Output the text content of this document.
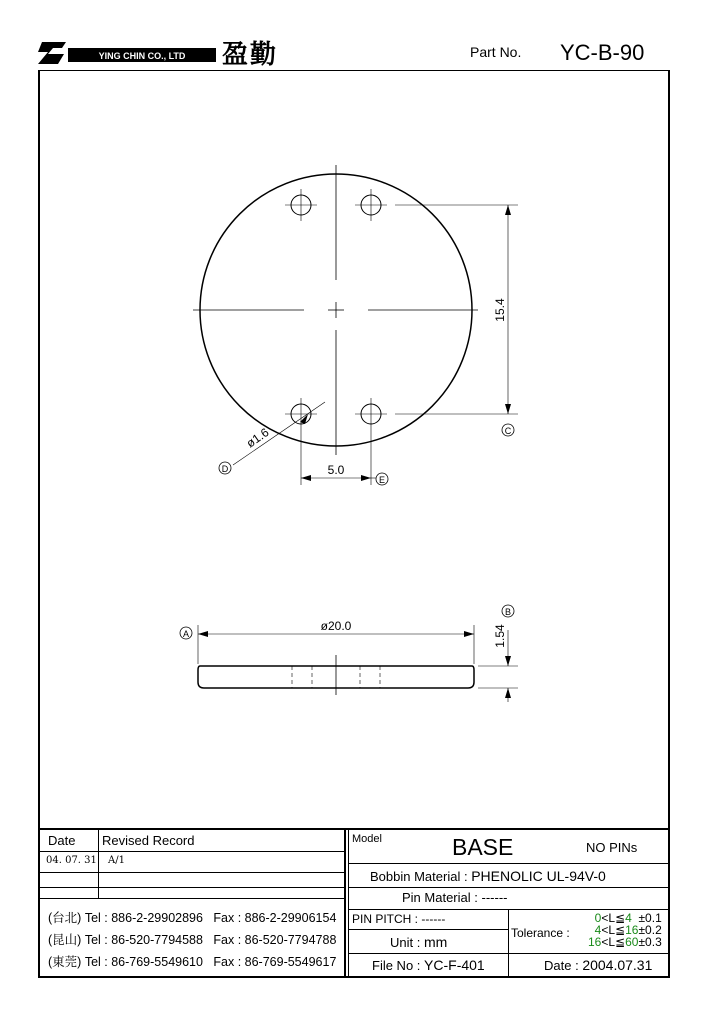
YING CHIN CO., LTD 盈勤	Part No. YC-B-90
15.4
C
5.0
E
ø1.6
D
ø20.0
A	1.54
B
Date Revised Record
04. 07. 31 A/1
(台北) Tel : 886-2-29902896 Fax : 886-2-29906154
(昆山) Tel : 86-520-7794588 Fax : 86-520-7794788
(東莞) Tel : 86-769-5549610 Fax : 86-769-5549617
Model	BASE	NO PINs
Bobbin Material : PHENOLIC UL-94V-0
Pin Material : ------
PIN PITCH : ------
Unit : mm
Tolerance :
0<L≦4 ±0.1
4<L≦16±0.2
16<L≦60±0.3
File No : YC-F-401	Date : 2004.07.31
